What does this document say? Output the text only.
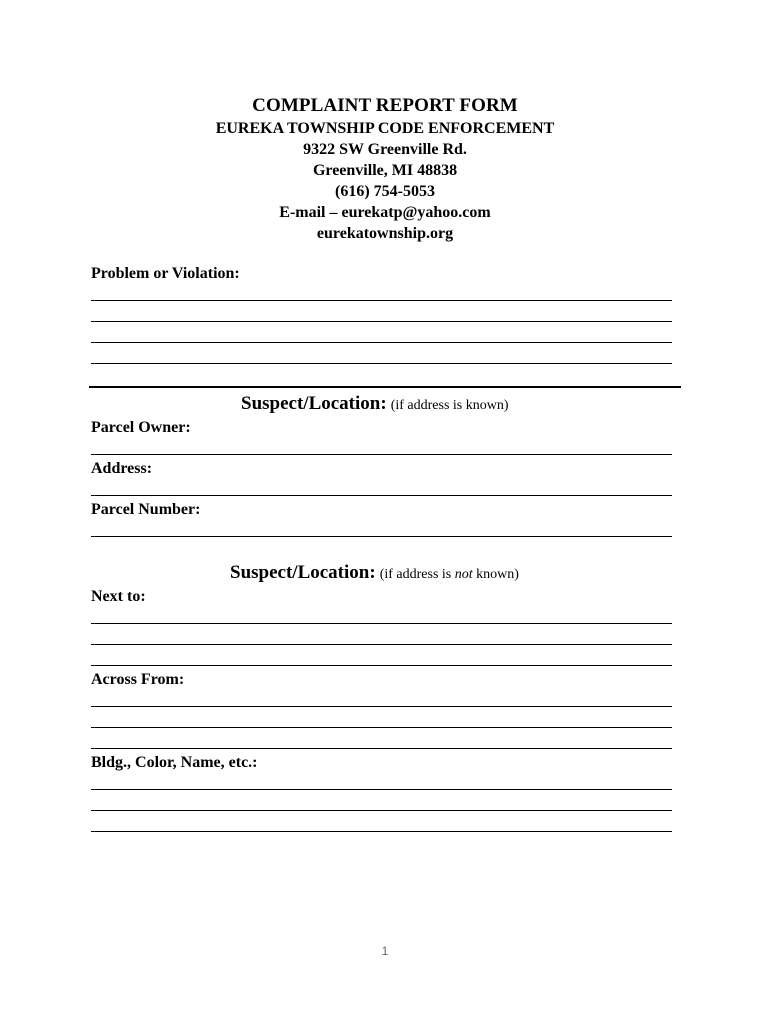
COMPLAINT REPORT FORM
EUREKA TOWNSHIP CODE ENFORCEMENT
9322 SW Greenville Rd.
Greenville, MI 48838
(616) 754-5053
E-mail – eurekatp@yahoo.com
eurekatownship.org
Problem or Violation:
Suspect/Location: (if address is known)
Parcel Owner:
Address:
Parcel Number:
Suspect/Location: (if address is not known)
Next to:
Across From:
Bldg., Color, Name, etc.:
1
